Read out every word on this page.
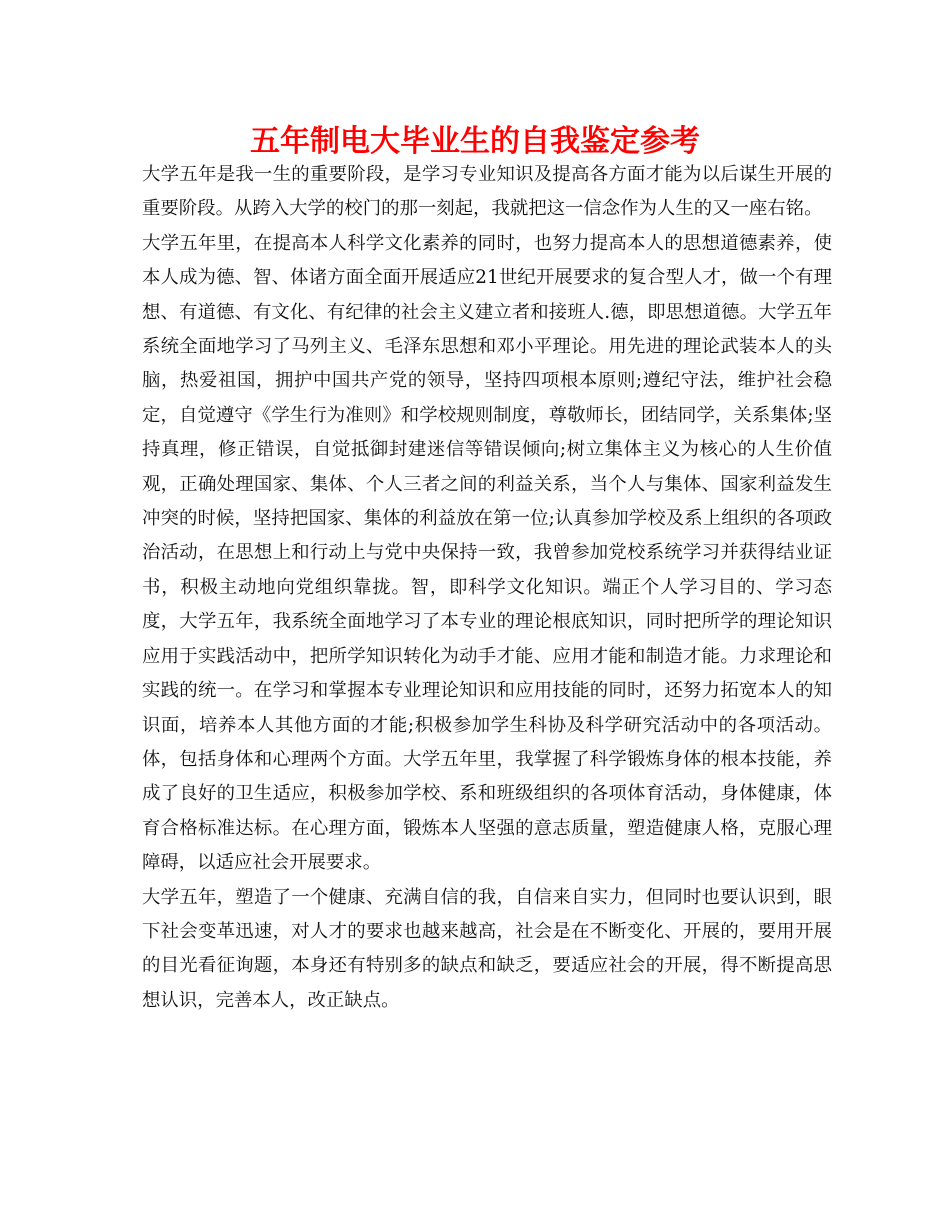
五年制电大毕业生的自我鉴定参考

大学五年是我一生的重要阶段，是学习专业知识及提高各方面才能为以后谋生开展的重要阶段。从跨入大学的校门的那一刻起，我就把这一信念作为人生的又一座右铭。

大学五年里，在提高本人科学文化素养的同时，也努力提高本人的思想道德素养，使本人成为德、智、体诸方面全面开展适应21世纪开展要求的复合型人才，做一个有理想、有道德、有文化、有纪律的社会主义建立者和接班人.德，即思想道德。大学五年系统全面地学习了马列主义、毛泽东思想和邓小平理论。用先进的理论武装本人的头脑，热爱祖国，拥护中国共产党的领导，坚持四项根本原则;遵纪守法，维护社会稳定，自觉遵守《学生行为准则》和学校规则制度，尊敬师长，团结同学，关系集体;坚持真理，修正错误，自觉抵御封建迷信等错误倾向;树立集体主义为核心的人生价值观，正确处理国家、集体、个人三者之间的利益关系，当个人与集体、国家利益发生冲突的时候，坚持把国家、集体的利益放在第一位;认真参加学校及系上组织的各项政治活动，在思想上和行动上与党中央保持一致，我曾参加党校系统学习并获得结业证书，积极主动地向党组织靠拢。智，即科学文化知识。端正个人学习目的、学习态度，大学五年，我系统全面地学习了本专业的理论根底知识，同时把所学的理论知识应用于实践活动中，把所学知识转化为动手才能、应用才能和制造才能。力求理论和实践的统一。在学习和掌握本专业理论知识和应用技能的同时，还努力拓宽本人的知识面，培养本人其他方面的才能;积极参加学生科协及科学研究活动中的各项活动。体，包括身体和心理两个方面。大学五年里，我掌握了科学锻炼身体的根本技能，养成了良好的卫生适应，积极参加学校、系和班级组织的各项体育活动，身体健康，体育合格标准达标。在心理方面，锻炼本人坚强的意志质量，塑造健康人格，克服心理障碍，以适应社会开展要求。

大学五年，塑造了一个健康、充满自信的我，自信来自实力，但同时也要认识到，眼下社会变革迅速，对人才的要求也越来越高，社会是在不断变化、开展的，要用开展的目光看征询题，本身还有特别多的缺点和缺乏，要适应社会的开展，得不断提高思想认识，完善本人，改正缺点。
